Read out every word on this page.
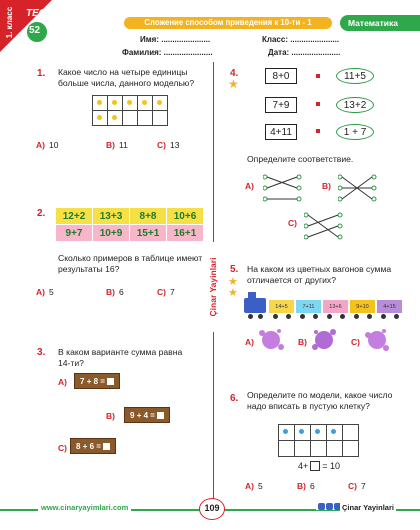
1. класс ТЕСТ
52
Сложение способом приведения к 10-ти - 1	Математика
Имя: ......................	Класс: ......................
Фамилия: ......................	Дата: ......................
Çinar Yayinlari
1. Какое число на четыре единицы больше числа, данного моделью?
A) 10	B) 11	C) 13
2.	12+2	13+3	8+8	10+6
9+7	10+9	15+1	16+1
Сколько примеров в таблице имеют результаты 16?
A) 5	B) 6	C) 7
3. В каком варианте сумма равна 14-ти?
A)	7 + 8 =
B)	9 + 4 =
C)	8 + 6 =
4.
★
8+0
7+9
4+11
11+5
13+2
1 + 7
Определите соответствие.
A)	B)
C)
5.
★
★
На каком из цветных вагонов сумма отличается от других?
14+5	7+11	13+6	9+10	4+15
A)	B)	C)
6. Определите по модели, какое число надо вписать в пустую клетку?
4+ = 10
A) 5	B) 6	C) 7
www.cinaryayimlari.com	109	Çinar Yayinlari
